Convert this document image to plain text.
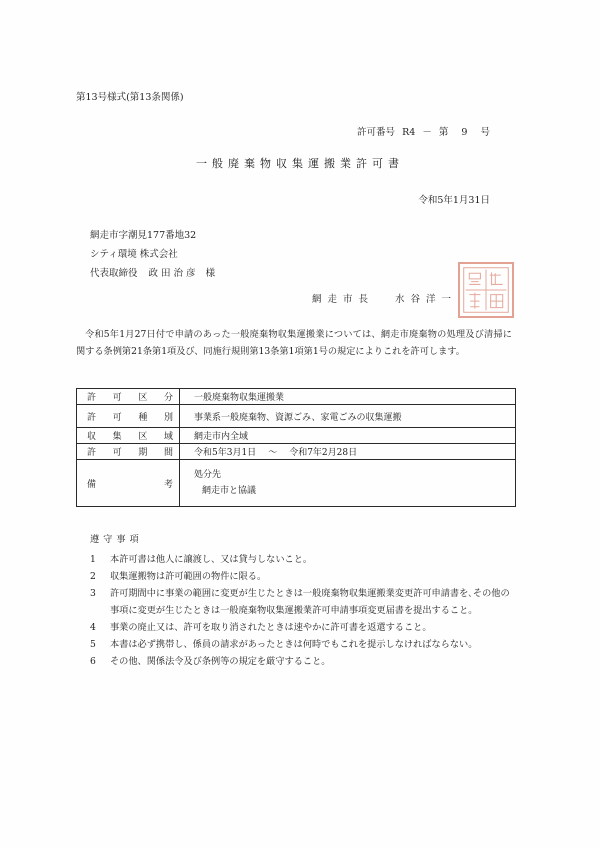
第13号様式(第13条関係)
許可番号 R4 － 第 9 号
一般廃棄物収集運搬業許可書
令和5年1月31日
網走市字潮見177番地32
シティ環境 株式会社
代表取締役 政田治彦 様
網走市長 水谷洋一
令和5年1月27日付で申請のあった一般廃棄物収集運搬業については、網走市廃棄物の処理及び清掃に関する条例第21条第1項及び、同施行規則第13条第1項第1号の規定によりこれを許可します。
許 可 区 分	一般廃棄物収集運搬業

許 可 種 別	事業系一般廃棄物、資源ごみ、家電ごみの収集運搬

収 集 区 域	網走市内全域

許 可 期 間	令和5年3月1日 ～ 令和7年2月28日

備 考	処分先
網走市と協議
遵守事項
1	本許可書は他人に譲渡し、又は貸与しないこと。
2	収集運搬物は許可範囲の物件に限る。
3	許可期間中に事業の範囲に変更が生じたときは一般廃棄物収集運搬業変更許可申請書を､その他の事項に変更が生じたときは一般廃棄物収集運搬業許可申請事項変更届書を提出すること。
4	事業の廃止又は、許可を取り消されたときは速やかに許可書を返還すること。
5	本書は必ず携帯し、係員の請求があったときは何時でもこれを提示しなければならない。
6	その他、関係法令及び条例等の規定を厳守すること。
